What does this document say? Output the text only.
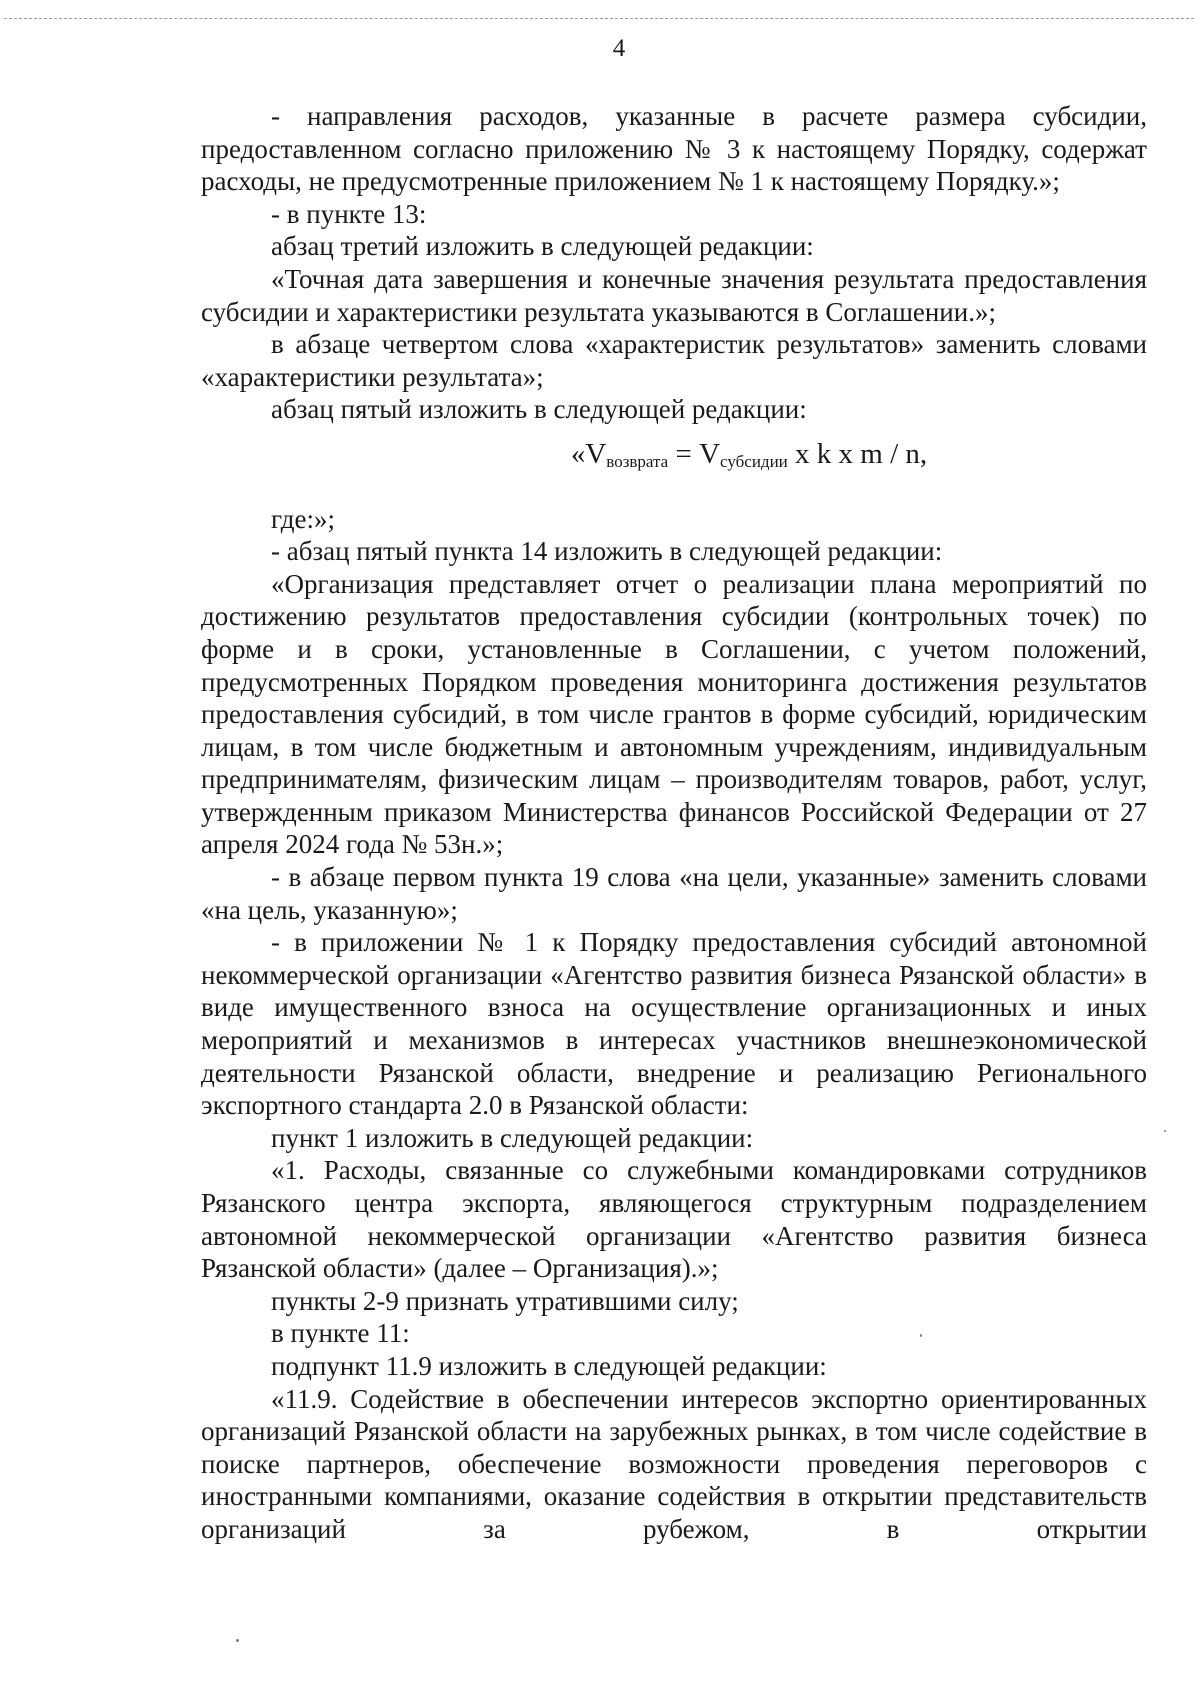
4

- направления расходов, указанные в расчете размера субсидии, предоставленном согласно приложению № 3 к настоящему Порядку, содержат расходы, не предусмотренные приложением № 1 к настоящему Порядку.»;

- в пункте 13:

абзац третий изложить в следующей редакции:

«Точная дата завершения и конечные значения результата предоставления субсидии и характеристики результата указываются в Соглашении.»;

в абзаце четвертом слова «характеристик результатов» заменить словами «характеристики результата»;

абзац пятый изложить в следующей редакции:

«$V_{возврата} = V_{субсидии}$ x k x m / n,

где:»;

- абзац пятый пункта 14 изложить в следующей редакции:

«Организация представляет отчет о реализации плана мероприятий по достижению результатов предоставления субсидии (контрольных точек) по форме и в сроки, установленные в Соглашении, с учетом положений, предусмотренных Порядком проведения мониторинга достижения результатов предоставления субсидий, в том числе грантов в форме субсидий, юридическим лицам, в том числе бюджетным и автономным учреждениям, индивидуальным предпринимателям, физическим лицам – производителям товаров, работ, услуг, утвержденным приказом Министерства финансов Российской Федерации от 27 апреля 2024 года № 53н.»;

- в абзаце первом пункта 19 слова «на цели, указанные» заменить словами «на цель, указанную»;

- в приложении № 1 к Порядку предоставления субсидий автономной некоммерческой организации «Агентство развития бизнеса Рязанской области» в виде имущественного взноса на осуществление организационных и иных мероприятий и механизмов в интересах участников внешнеэкономической деятельности Рязанской области, внедрение и реализацию Регионального экспортного стандарта 2.0 в Рязанской области:

пункт 1 изложить в следующей редакции:

«1. Расходы, связанные со служебными командировками сотрудников Рязанского центра экспорта, являющегося структурным подразделением автономной некоммерческой организации «Агентство развития бизнеса Рязанской области» (далее – Организация).»;

пункты 2-9 признать утратившими силу;

в пункте 11:

подпункт 11.9 изложить в следующей редакции:

«11.9. Содействие в обеспечении интересов экспортно ориентированных организаций Рязанской области на зарубежных рынках, в том числе содействие в поиске партнеров, обеспечение возможности проведения переговоров с иностранными компаниями, оказание содействия в открытии представительств организаций за рубежом, в открытии
